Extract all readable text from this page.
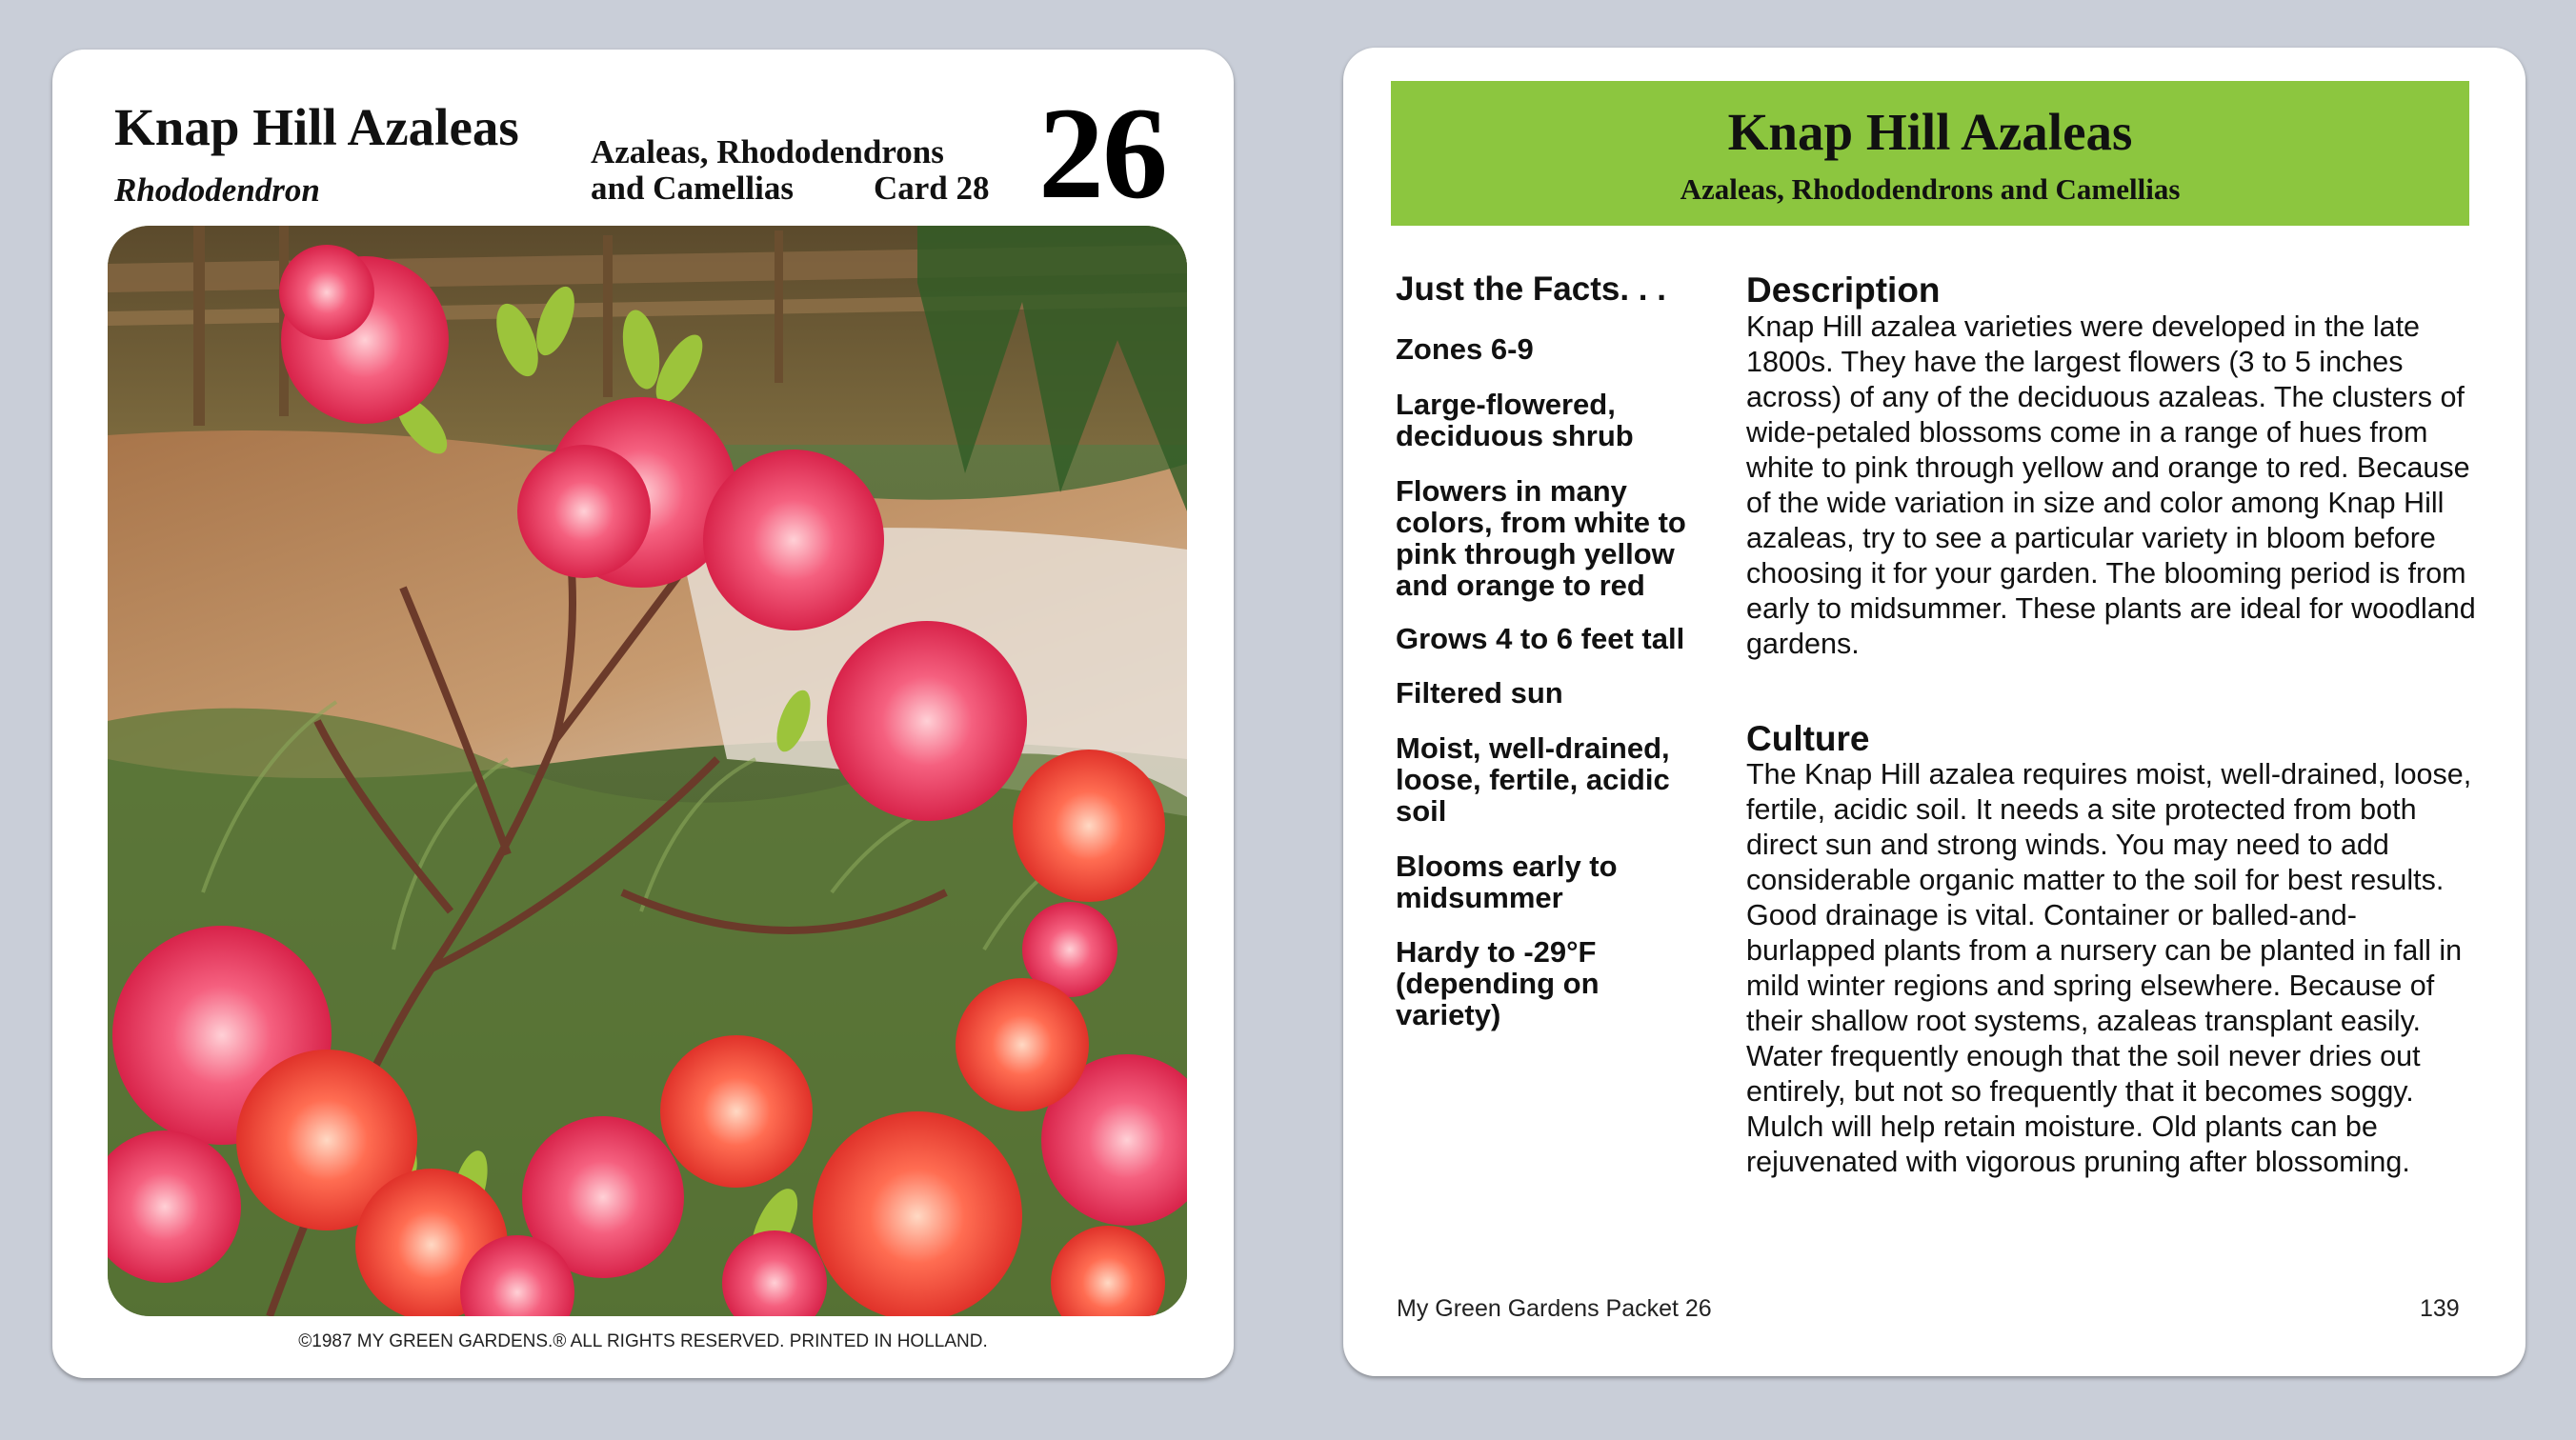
Knap Hill Azaleas
Rhododendron
Azaleas, Rhododendrons
and Camellias Card 28 26
©1987 MY GREEN GARDENS.® ALL RIGHTS RESERVED. PRINTED IN HOLLAND.
Knap Hill Azaleas
Azaleas, Rhododendrons and Camellias
Just the Facts. . .
Zones 6-9
Large-flowered, deciduous shrub
Flowers in many colors, from white to pink through yellow and orange to red
Grows 4 to 6 feet tall
Filtered sun
Moist, well-drained, loose, fertile, acidic soil
Blooms early to midsummer
Hardy to -29°F (depending on variety)
Description
Knap Hill azalea varieties were developed in the late 1800s. They have the largest flowers (3 to 5 inches across) of any of the deciduous azaleas. The clusters of wide-petaled blossoms come in a range of hues from white to pink through yellow and orange to red. Because of the wide variation in size and color among Knap Hill azaleas, try to see a particular variety in bloom before choosing it for your garden. The blooming period is from early to midsummer. These plants are ideal for woodland gardens.
Culture
The Knap Hill azalea requires moist, well-drained, loose, fertile, acidic soil. It needs a site protected from both direct sun and strong winds. You may need to add considerable organic matter to the soil for best results. Good drainage is vital. Container or balled-and-burlapped plants from a nursery can be planted in fall in mild winter regions and spring elsewhere. Because of their shallow root systems, azaleas transplant easily. Water frequently enough that the soil never dries out entirely, but not so frequently that it becomes soggy. Mulch will help retain moisture. Old plants can be rejuvenated with vigorous pruning after blossoming.
My Green Gardens Packet 26	139
